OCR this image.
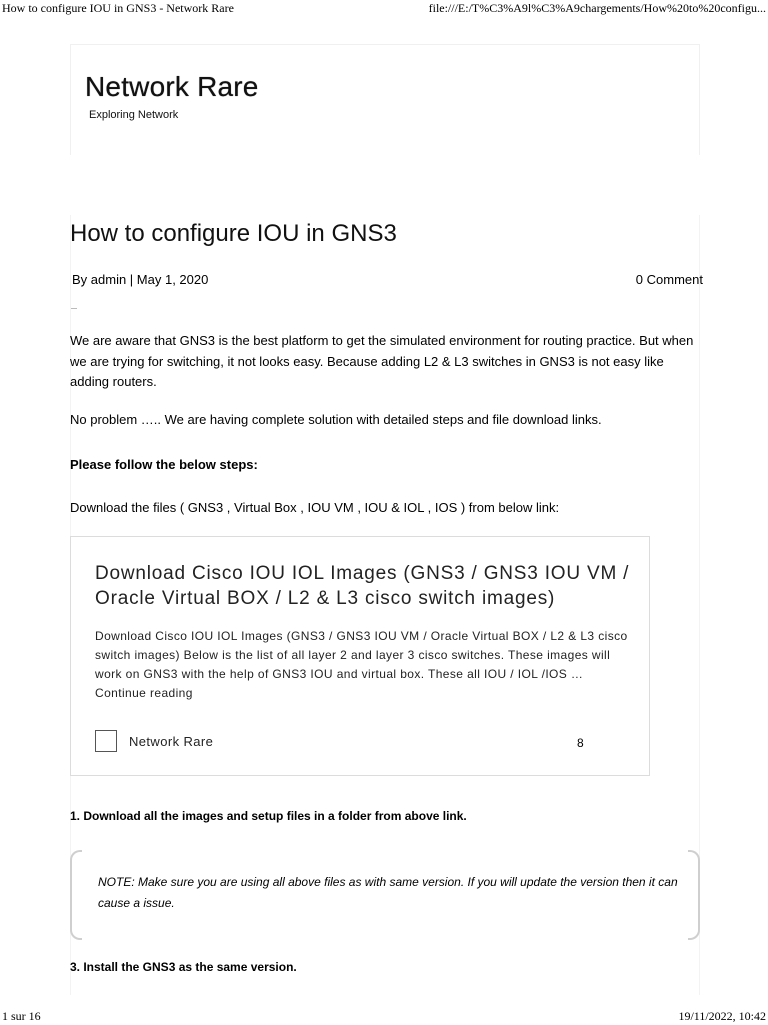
How to configure IOU in GNS3 - Network Rare	file:///E:/T%C3%A9l%C3%A9chargements/How%20to%20configu...
Network Rare
Exploring Network
How to configure IOU in GNS3
By admin | May 1, 2020	0 Comment

We are aware that GNS3 is the best platform to get the simulated environment for routing practice. But when we are trying for switching, it not looks easy. Because adding L2 & L3 switches in GNS3 is not easy like adding routers.

No problem ….. We are having complete solution with detailed steps and file download links.

Please follow the below steps:

Download the files ( GNS3 , Virtual Box , IOU VM , IOU & IOL , IOS ) from below link:

Download Cisco IOU IOL Images (GNS3 / GNS3 IOU VM / Oracle Virtual BOX / L2 & L3 cisco switch images)

Download Cisco IOU IOL Images (GNS3 / GNS3 IOU VM / Oracle Virtual BOX / L2 & L3 cisco switch images) Below is the list of all layer 2 and layer 3 cisco switches. These images will work on GNS3 with the help of GNS3 IOU and virtual box. These all IOU / IOL /IOS … Continue reading

Network Rare	8
1. Download all the images and setup files in a folder from above link.

NOTE: Make sure you are using all above files as with same version. If you will update the version then it can cause a issue.

3. Install the GNS3 as the same version.
1 sur 16	19/11/2022, 10:42
